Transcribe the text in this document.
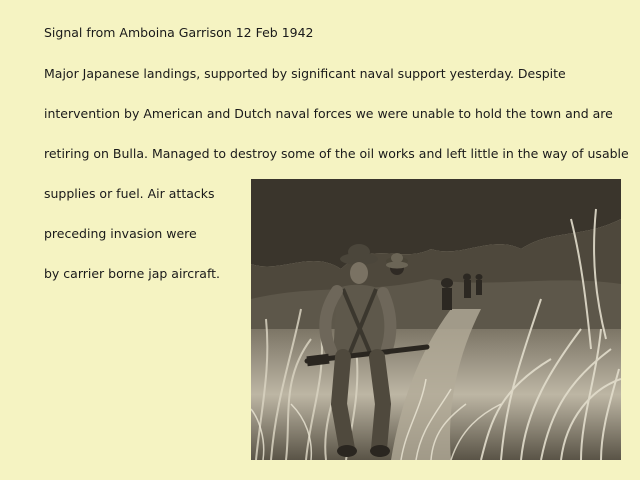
Signal from Amboina Garrison 12 Feb 1942
Major Japanese landings, supported by significant naval support yesterday. Despite
intervention by American and Dutch naval forces we were unable to hold the town and are
retiring on Bulla. Managed to destroy some of the oil works and left little in the way of usable
supplies or fuel. Air attacks
preceding invasion were
by carrier borne jap aircraft.
